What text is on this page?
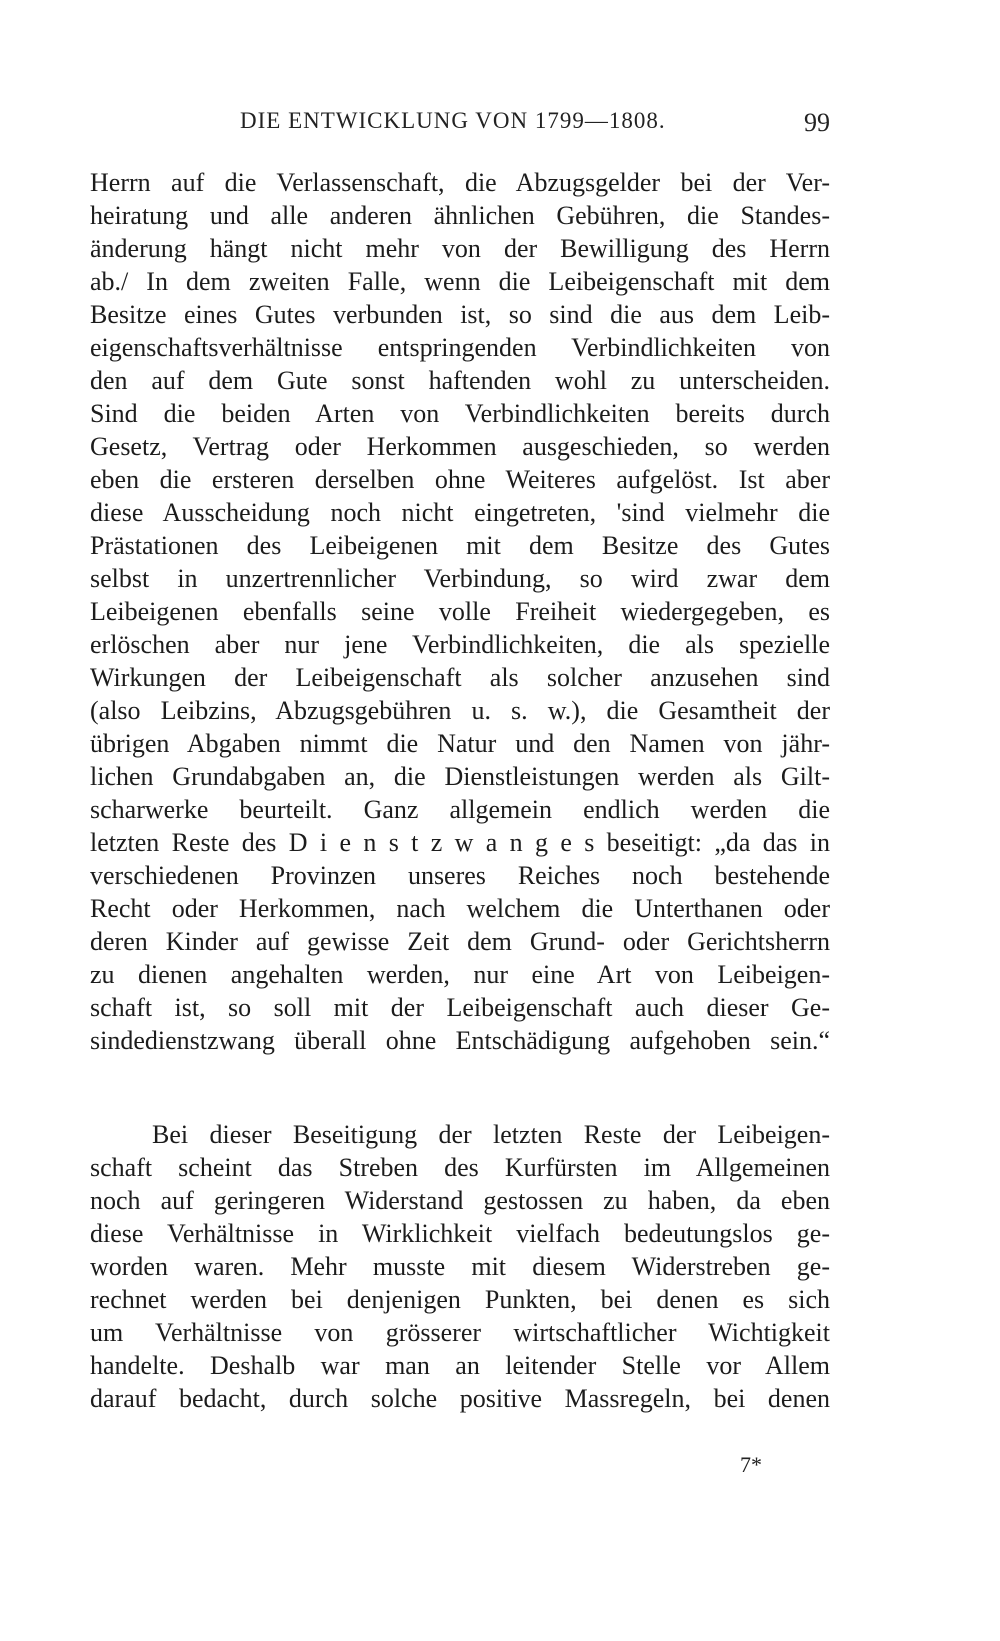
DIE ENTWICKLUNG VON 1799—1808.	99
Herrn auf die Verlassenschaft, die Abzugsgelder bei der Ver-
heiratung und alle anderen ähnlichen Gebühren, die Standes-
änderung hängt nicht mehr von der Bewilligung des Herrn
ab./ In dem zweiten Falle, wenn die Leibeigenschaft mit dem
Besitze eines Gutes verbunden ist, so sind die aus dem Leib-
eigenschaftsverhältnisse entspringenden Verbindlichkeiten von
den auf dem Gute sonst haftenden wohl zu unterscheiden.
Sind die beiden Arten von Verbindlichkeiten bereits durch
Gesetz, Vertrag oder Herkommen ausgeschieden, so werden
eben die ersteren derselben ohne Weiteres aufgelöst. Ist aber
diese Ausscheidung noch nicht eingetreten, 'sind vielmehr die
Prästationen des Leibeigenen mit dem Besitze des Gutes
selbst in unzertrennlicher Verbindung, so wird zwar dem
Leibeigenen ebenfalls seine volle Freiheit wiedergegeben, es
erlöschen aber nur jene Verbindlichkeiten, die als spezielle
Wirkungen der Leibeigenschaft als solcher anzusehen sind
(also Leibzins, Abzugsgebühren u. s. w.), die Gesamtheit der
übrigen Abgaben nimmt die Natur und den Namen von jähr-
lichen Grundabgaben an, die Dienstleistungen werden als Gilt-
scharwerke beurteilt. Ganz allgemein endlich werden die
letzten Reste des D i e n s t z w a n g e s beseitigt: „da das in
verschiedenen Provinzen unseres Reiches noch bestehende
Recht oder Herkommen, nach welchem die Unterthanen oder
deren Kinder auf gewisse Zeit dem Grund- oder Gerichtsherrn
zu dienen angehalten werden, nur eine Art von Leibeigen-
schaft ist, so soll mit der Leibeigenschaft auch dieser Ge-
sindedienstzwang überall ohne Entschädigung aufgehoben sein.“
Bei dieser Beseitigung der letzten Reste der Leibeigen-
schaft scheint das Streben des Kurfürsten im Allgemeinen
noch auf geringeren Widerstand gestossen zu haben, da eben
diese Verhältnisse in Wirklichkeit vielfach bedeutungslos ge-
worden waren. Mehr musste mit diesem Widerstreben ge-
rechnet werden bei denjenigen Punkten, bei denen es sich
um Verhältnisse von grösserer wirtschaftlicher Wichtigkeit
handelte. Deshalb war man an leitender Stelle vor Allem
darauf bedacht, durch solche positive Massregeln, bei denen
7*
